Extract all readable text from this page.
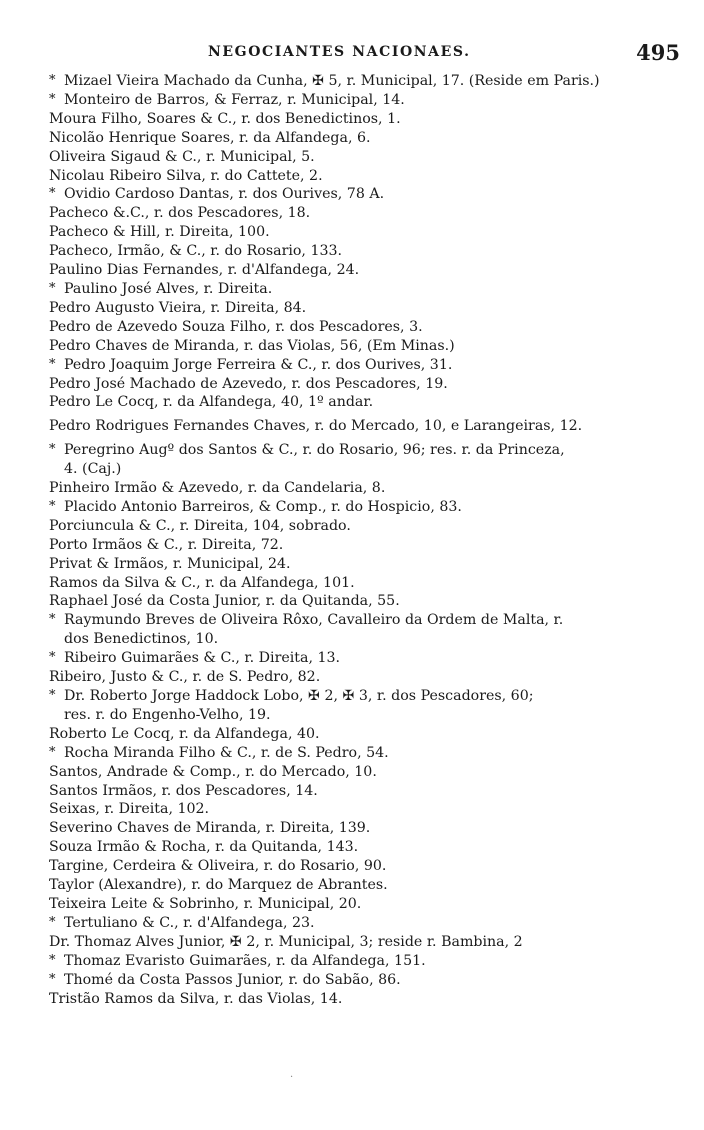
NEGOCIANTES NACIONAES.	495
* Mizael Vieira Machado da Cunha, ✠ 5, r. Municipal, 17. (Reside em Paris.)
* Monteiro de Barros, & Ferraz, r. Municipal, 14.
Moura Filho, Soares & C., r. dos Benedictinos, 1.
Nicolão Henrique Soares, r. da Alfandega, 6.
Oliveira Sigaud & C., r. Municipal, 5.
Nicolau Ribeiro Silva, r. do Cattete, 2.
* Ovidio Cardoso Dantas, r. dos Ourives, 78 A.
Pacheco &.C., r. dos Pescadores, 18.
Pacheco & Hill, r. Direita, 100.
Pacheco, Irmão, & C., r. do Rosario, 133.
Paulino Dias Fernandes, r. d'Alfandega, 24.
* Paulino José Alves, r. Direita.
Pedro Augusto Vieira, r. Direita, 84.
Pedro de Azevedo Souza Filho, r. dos Pescadores, 3.
Pedro Chaves de Miranda, r. das Violas, 56, (Em Minas.)
* Pedro Joaquim Jorge Ferreira & C., r. dos Ourives, 31.
Pedro José Machado de Azevedo, r. dos Pescadores, 19.
Pedro Le Cocq, r. da Alfandega, 40, 1º andar.
Pedro Rodrigues Fernandes Chaves, r. do Mercado, 10, e Larangeiras, 12.
* Peregrino Augº dos Santos & C., r. do Rosario, 96; res. r. da Princeza,
4. (Caj.)
Pinheiro Irmão & Azevedo, r. da Candelaria, 8.
* Placido Antonio Barreiros, & Comp., r. do Hospicio, 83.
Porciuncula & C., r. Direita, 104, sobrado.
Porto Irmãos & C., r. Direita, 72.
Privat & Irmãos, r. Municipal, 24.
Ramos da Silva & C., r. da Alfandega, 101.
Raphael José da Costa Junior, r. da Quitanda, 55.
* Raymundo Breves de Oliveira Rôxo, Cavalleiro da Ordem de Malta, r.
dos Benedictinos, 10.
* Ribeiro Guimarães & C., r. Direita, 13.
Ribeiro, Justo & C., r. de S. Pedro, 82.
* Dr. Roberto Jorge Haddock Lobo, ✠ 2, ✠ 3, r. dos Pescadores, 60;
res. r. do Engenho-Velho, 19.
Roberto Le Cocq, r. da Alfandega, 40.
* Rocha Miranda Filho & C., r. de S. Pedro, 54.
Santos, Andrade & Comp., r. do Mercado, 10.
Santos Irmãos, r. dos Pescadores, 14.
Seixas, r. Direita, 102.
Severino Chaves de Miranda, r. Direita, 139.
Souza Irmão & Rocha, r. da Quitanda, 143.
Targine, Cerdeira & Oliveira, r. do Rosario, 90.
Taylor (Alexandre), r. do Marquez de Abrantes.
Teixeira Leite & Sobrinho, r. Municipal, 20.
* Tertuliano & C., r. d'Alfandega, 23.
Dr. Thomaz Alves Junior, ✠ 2, r. Municipal, 3; reside r. Bambina, 2
* Thomaz Evaristo Guimarães, r. da Alfandega, 151.
* Thomé da Costa Passos Junior, r. do Sabão, 86.
Tristão Ramos da Silva, r. das Violas, 14.
·
